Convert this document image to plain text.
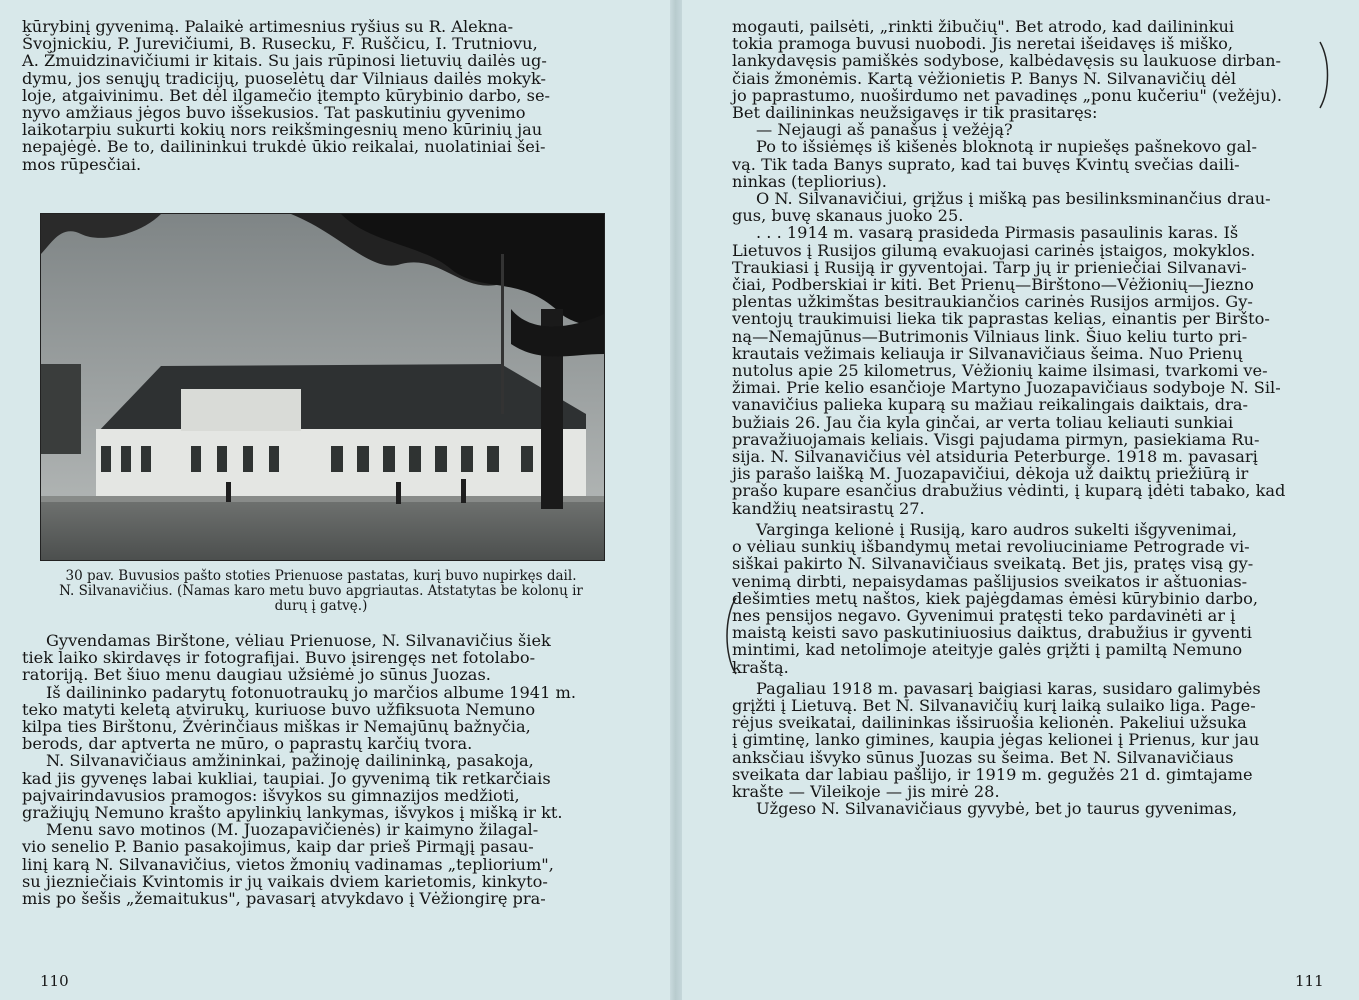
kūrybinį gyvenimą. Palaikė artimesnius ryšius su R. Alekna-

Švojnickiu, P. Jurevičiumi, B. Rusecku, F. Ruščicu, I. Trutniovu,

A. Žmuidzinavičiumi ir kitais. Su jais rūpinosi lietuvių dailės ug-

dymu, jos senųjų tradicijų, puoselėtų dar Vilniaus dailės mokyk-

loje, atgaivinimu. Bet dėl ilgamečio įtempto kūrybinio darbo, se-

nyvo amžiaus jėgos buvo išsekusios. Tat paskutiniu gyvenimo

laikotarpiu sukurti kokių nors reikšmingesnių meno kūrinių jau

nepajėgė. Be to, dailininkui trukdė ūkio reikalai, nuolatiniai šei-

mos rūpesčiai.

30 pav. Buvusios pašto stoties Prienuose pastatas, kurį buvo nupirkęs dail.
N. Silvanavičius. (Namas karo metu buvo apgriautas. Atstatytas be kolonų ir
durų į gatvę.)

Gyvendamas Birštone, vėliau Prienuose, N. Silvanavičius šiek

tiek laiko skirdavęs ir fotografijai. Buvo įsirengęs net fotolabo-

ratoriją. Bet šiuo menu daugiau užsiėmė jo sūnus Juozas.

Iš dailininko padarytų fotonuotraukų jo marčios albume 1941 m.

teko matyti keletą atvirukų, kuriuose buvo užfiksuota Nemuno

kilpa ties Birštonu, Žvėrinčiaus miškas ir Nemajūnų bažnyčia,

berods, dar aptverta ne mūro, o paprastų karčių tvora.

N. Silvanavičiaus amžininkai, pažinoję dailininką, pasakoja,

kad jis gyvenęs labai kukliai, taupiai. Jo gyvenimą tik retkarčiais

pajvairindavusios pramogos: išvykos su gimnazijos medžioti,

gražiųjų Nemuno krašto apylinkių lankymas, išvykos į mišką ir kt.

Menu savo motinos (M. Juozapavičienės) ir kaimyno žilagal-

vio senelio P. Banio pasakojimus, kaip dar prieš Pirmąjį pasau-

linį karą N. Silvanavičius, vietos žmonių vadinamas „tepliorium",

su jiezniečiais Kvintomis ir jų vaikais dviem karietomis, kinkyto-

mis po šešis „žemaitukus", pavasarį atvykdavo į Vėžiongirę pra-

110

mogauti, pailsėti, „rinkti žibučių". Bet atrodo, kad dailininkui

tokia pramoga buvusi nuobodi. Jis neretai išeidavęs iš miško,

lankydavęsis pamiškės sodybose, kalbėdavęsis su laukuose dirban-

čiais žmonėmis. Kartą vėžionietis P. Banys N. Silvanavičių dėl

jo paprastumo, nuoširdumo net pavadinęs „ponu kučeriu" (vežėju).

Bet dailininkas neužsigavęs ir tik prasitaręs:

— Nejaugi aš panašus į vežėją?

Po to išsiėmęs iš kišenės bloknotą ir nupiešęs pašnekovo gal-

vą. Tik tada Banys suprato, kad tai buvęs Kvintų svečias daili-

ninkas (tepliorius).

O N. Silvanavičiui, grįžus į mišką pas besilinksminančius drau-

gus, buvę skanaus juoko 25.

. . . 1914 m. vasarą prasideda Pirmasis pasaulinis karas. Iš

Lietuvos į Rusijos gilumą evakuojasi carinės įstaigos, mokyklos.

Traukiasi į Rusiją ir gyventojai. Tarp jų ir prieniečiai Silvanavi-

čiai, Podberskiai ir kiti. Bet Prienų—Birštono—Vėžionių—Jiezno

plentas užkimštas besitraukiančios carinės Rusijos armijos. Gy-

ventojų traukimuisi lieka tik paprastas kelias, einantis per Biršto-

ną—Nemajūnus—Butrimonis Vilniaus link. Šiuo keliu turto pri-

krautais vežimais keliauja ir Silvanavičiaus šeima. Nuo Prienų

nutolus apie 25 kilometrus, Vėžionių kaime ilsimasi, tvarkomi ve-

žimai. Prie kelio esančioje Martyno Juozapavičiaus sodyboje N. Sil-

vanavičius palieka kuparą su mažiau reikalingais daiktais, dra-

bužiais 26. Jau čia kyla ginčai, ar verta toliau keliauti sunkiai

pravažiuojamais keliais. Visgi pajudama pirmyn, pasiekiama Ru-

sija. N. Silvanavičius vėl atsiduria Peterburge. 1918 m. pavasarį

jis parašo laišką M. Juozapavičiui, dėkoja už daiktų priežiūrą ir

prašo kupare esančius drabužius vėdinti, į kuparą įdėti tabako, kad

kandžių neatsirastų 27.

Varginga kelionė į Rusiją, karo audros sukelti išgyvenimai,

o vėliau sunkių išbandymų metai revoliuciniame Petrograde vi-

siškai pakirto N. Silvanavičiaus sveikatą. Bet jis, pratęs visą gy-

venimą dirbti, nepaisydamas pašlijusios sveikatos ir aštuonias-

dešimties metų naštos, kiek pajėgdamas ėmėsi kūrybinio darbo,

nes pensijos negavo. Gyvenimui pratęsti teko pardavinėti ar į

maistą keisti savo paskutiniuosius daiktus, drabužius ir gyventi

mintimi, kad netolimoje ateityje galės grįžti į pamiltą Nemuno

kraštą.

Pagaliau 1918 m. pavasarį baigiasi karas, susidaro galimybės

grįžti į Lietuvą. Bet N. Silvanavičių kurį laiką sulaiko liga. Page-

rėjus sveikatai, dailininkas išsiruošia kelionėn. Pakeliui užsuka

į gimtinę, lanko gimines, kaupia jėgas kelionei į Prienus, kur jau

anksčiau išvyko sūnus Juozas su šeima. Bet N. Silvanavičiaus

sveikata dar labiau pašlijo, ir 1919 m. gegužės 21 d. gimtajame

krašte — Vileikoje — jis mirė 28.

Užgeso N. Silvanavičiaus gyvybė, bet jo taurus gyvenimas,

111
